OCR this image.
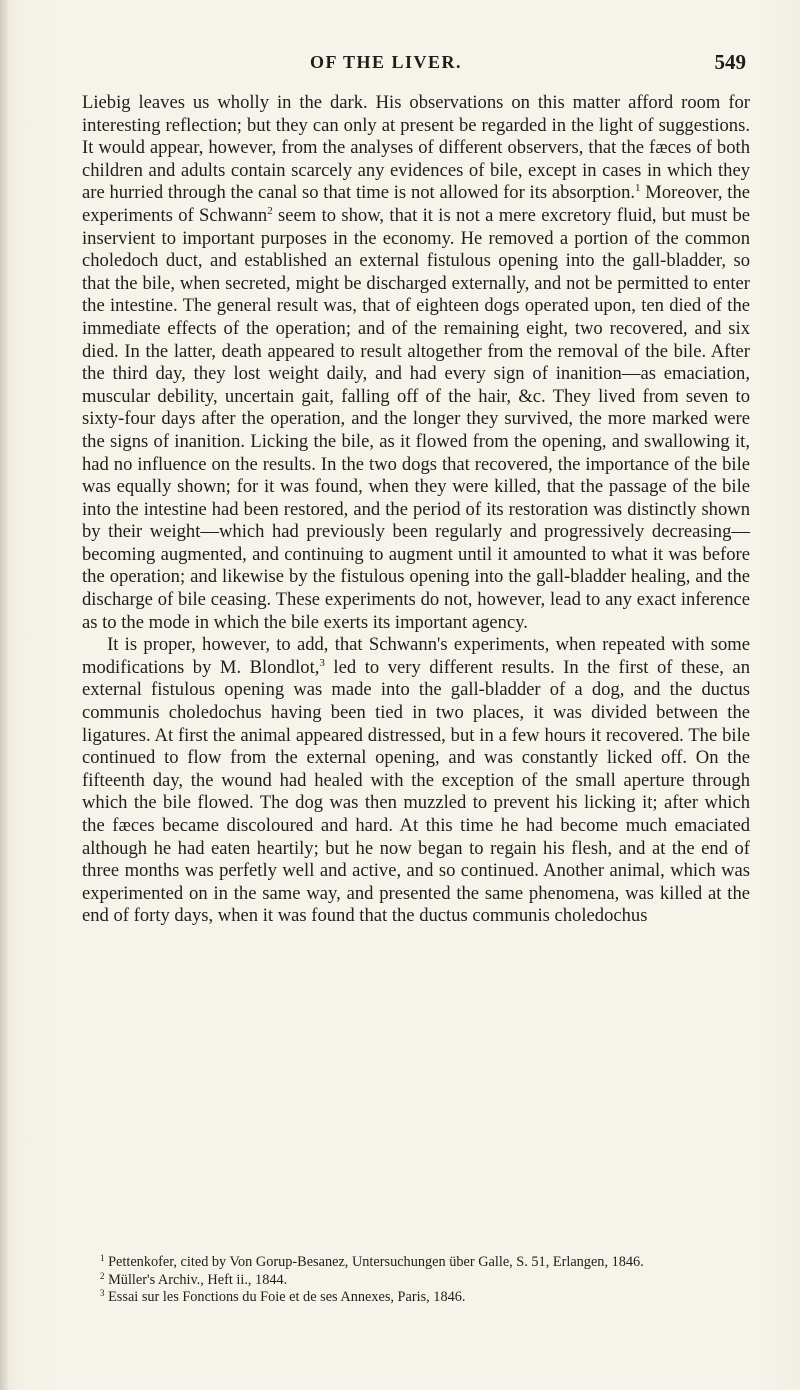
OF THE LIVER.	549

Liebig leaves us wholly in the dark. His observations on this matter afford room for interesting reflection; but they can only at present be regarded in the light of suggestions. It would appear, however, from the analyses of different observers, that the fæces of both children and adults contain scarcely any evidences of bile, except in cases in which they are hurried through the canal so that time is not allowed for its absorption.$^1$ Moreover, the experiments of Schwann$^2$ seem to show, that it is not a mere excretory fluid, but must be inservient to important purposes in the economy. He removed a portion of the common choledoch duct, and established an external fistulous opening into the gall-bladder, so that the bile, when secreted, might be discharged externally, and not be permitted to enter the intestine. The general result was, that of eighteen dogs operated upon, ten died of the immediate effects of the operation; and of the remaining eight, two recovered, and six died. In the latter, death appeared to result altogether from the removal of the bile. After the third day, they lost weight daily, and had every sign of inanition—as emaciation, muscular debility, uncertain gait, falling off of the hair, &c. They lived from seven to sixty-four days after the operation, and the longer they survived, the more marked were the signs of inanition. Licking the bile, as it flowed from the opening, and swallowing it, had no influence on the results. In the two dogs that recovered, the importance of the bile was equally shown; for it was found, when they were killed, that the passage of the bile into the intestine had been restored, and the period of its restoration was distinctly shown by their weight—which had previously been regularly and progressively decreasing—becoming augmented, and continuing to augment until it amounted to what it was before the operation; and likewise by the fistulous opening into the gall-bladder healing, and the discharge of bile ceasing. These experiments do not, however, lead to any exact inference as to the mode in which the bile exerts its important agency.

It is proper, however, to add, that Schwann's experiments, when repeated with some modifications by M. Blondlot,$^3$ led to very different results. In the first of these, an external fistulous opening was made into the gall-bladder of a dog, and the ductus communis choledochus having been tied in two places, it was divided between the ligatures. At first the animal appeared distressed, but in a few hours it recovered. The bile continued to flow from the external opening, and was constantly licked off. On the fifteenth day, the wound had healed with the exception of the small aperture through which the bile flowed. The dog was then muzzled to prevent his licking it; after which the fæces became discoloured and hard. At this time he had become much emaciated although he had eaten heartily; but he now began to regain his flesh, and at the end of three months was perfetly well and active, and so continued. Another animal, which was experimented on in the same way, and presented the same phenomena, was killed at the end of forty days, when it was found that the ductus communis choledochus

$^1$ Pettenkofer, cited by Von Gorup-Besanez, Untersuchungen über Galle, S. 51, Erlangen, 1846.

$^2$ Müller's Archiv., Heft ii., 1844.

$^3$ Essai sur les Fonctions du Foie et de ses Annexes, Paris, 1846.
